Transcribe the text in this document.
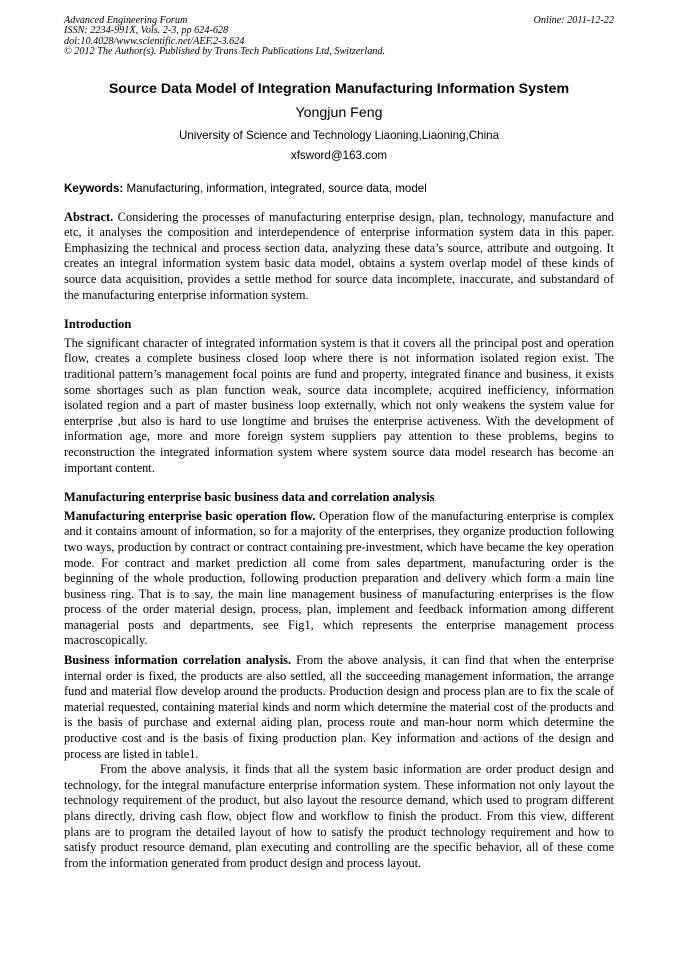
Advanced Engineering Forum	Online: 2011-12-22
ISSN: 2234-991X, Vols. 2-3, pp 624-628
doi:10.4028/www.scientific.net/AEF.2-3.624
© 2012 The Author(s). Published by Trans Tech Publications Ltd, Switzerland.
Source Data Model of Integration Manufacturing Information System
Yongjun Feng
University of Science and Technology Liaoning,Liaoning,China
xfsword@163.com
Keywords: Manufacturing, information, integrated, source data, model

Abstract. Considering the processes of manufacturing enterprise design, plan, technology, manufacture and etc, it analyses the composition and interdependence of enterprise information system data in this paper. Emphasizing the technical and process section data, analyzing these data’s source, attribute and outgoing. It creates an integral information system basic data model, obtains a system overlap model of these kinds of source data acquisition, provides a settle method for source data incomplete, inaccurate, and substandard of the manufacturing enterprise information system.

Introduction

The significant character of integrated information system is that it covers all the principal post and operation flow, creates a complete business closed loop where there is not information isolated region exist. The traditional pattern’s management focal points are fund and property, integrated finance and business, it exists some shortages such as plan function weak, source data incomplete, acquired inefficiency, information isolated region and a part of master business loop externally, which not only weakens the system value for enterprise ,but also is hard to use longtime and bruises the enterprise activeness. With the development of information age, more and more foreign system suppliers pay attention to these problems, begins to reconstruction the integrated information system where system source data model research has become an important content.

Manufacturing enterprise basic business data and correlation analysis

Manufacturing enterprise basic operation flow. Operation flow of the manufacturing enterprise is complex and it contains amount of information, so for a majority of the enterprises, they organize production following two ways, production by contract or contract containing pre-investment, which have became the key operation mode. For contract and market prediction all come from sales department, manufacturing order is the beginning of the whole production, following production preparation and delivery which form a main line business ring. That is to say, the main line management business of manufacturing enterprises is the flow process of the order material design, process, plan, implement and feedback information among different managerial posts and departments, see Fig1, which represents the enterprise management process macroscopically.

Business information correlation analysis. From the above analysis, it can find that when the enterprise internal order is fixed, the products are also settled, all the succeeding management information, the arrange fund and material flow develop around the products. Production design and process plan are to fix the scale of material requested, containing material kinds and norm which determine the material cost of the products and is the basis of purchase and external aiding plan, process route and man-hour norm which determine the productive cost and is the basis of fixing production plan. Key information and actions of the design and process are listed in table1.

From the above analysis, it finds that all the system basic information are order product design and technology, for the integral manufacture enterprise information system. These information not only layout the technology requirement of the product, but also layout the resource demand, which used to program different plans directly, driving cash flow, object flow and workflow to finish the product. From this view, different plans are to program the detailed layout of how to satisfy the product technology requirement and how to satisfy product resource demand, plan executing and controlling are the specific behavior, all of these come from the information generated from product design and process layout.
